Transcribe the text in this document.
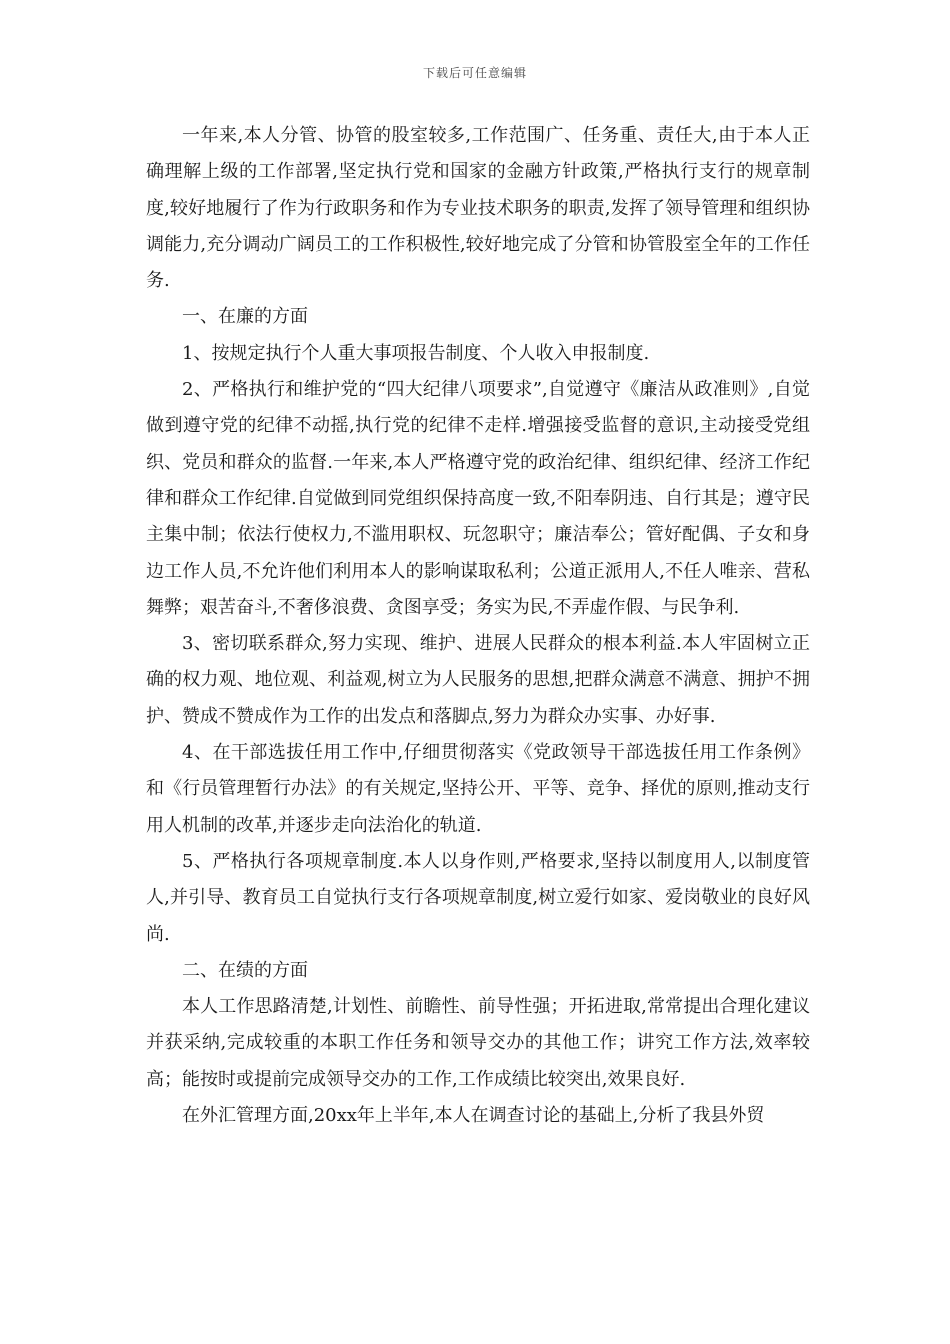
下载后可任意编辑

一年来,本人分管、协管的股室较多,工作范围广、任务重、责任大,由于本人正确理解上级的工作部署,坚定执行党和国家的金融方针政策,严格执行支行的规章制度,较好地履行了作为行政职务和作为专业技术职务的职责,发挥了领导管理和组织协调能力,充分调动广阔员工的工作积极性,较好地完成了分管和协管股室全年的工作任务.

一、在廉的方面

1、按规定执行个人重大事项报告制度、个人收入申报制度.

2、严格执行和维护党的“四大纪律八项要求”,自觉遵守《廉洁从政准则》,自觉做到遵守党的纪律不动摇,执行党的纪律不走样.增强接受监督的意识,主动接受党组织、党员和群众的监督.一年来,本人严格遵守党的政治纪律、组织纪律、经济工作纪律和群众工作纪律.自觉做到同党组织保持高度一致,不阳奉阴违、自行其是；遵守民主集中制；依法行使权力,不滥用职权、玩忽职守；廉洁奉公；管好配偶、子女和身边工作人员,不允许他们利用本人的影响谋取私利；公道正派用人,不任人唯亲、营私舞弊；艰苦奋斗,不奢侈浪费、贪图享受；务实为民,不弄虚作假、与民争利.

3、密切联系群众,努力实现、维护、进展人民群众的根本利益.本人牢固树立正确的权力观、地位观、利益观,树立为人民服务的思想,把群众满意不满意、拥护不拥护、赞成不赞成作为工作的出发点和落脚点,努力为群众办实事、办好事.

4、在干部选拔任用工作中,仔细贯彻落实《党政领导干部选拔任用工作条例》和《行员管理暂行办法》的有关规定,坚持公开、平等、竞争、择优的原则,推动支行用人机制的改革,并逐步走向法治化的轨道.

5、严格执行各项规章制度.本人以身作则,严格要求,坚持以制度用人,以制度管人,并引导、教育员工自觉执行支行各项规章制度,树立爱行如家、爱岗敬业的良好风尚.

二、在绩的方面

本人工作思路清楚,计划性、前瞻性、前导性强；开拓进取,常常提出合理化建议并获采纳,完成较重的本职工作任务和领导交办的其他工作；讲究工作方法,效率较高；能按时或提前完成领导交办的工作,工作成绩比较突出,效果良好.

在外汇管理方面,20xx年上半年,本人在调查讨论的基础上,分析了我县外贸
